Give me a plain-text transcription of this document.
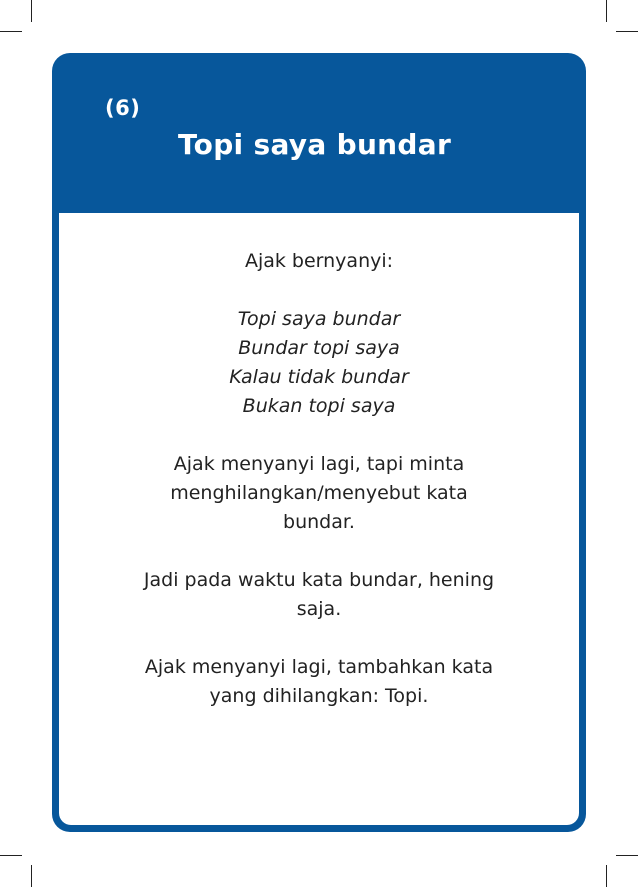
(6)
Topi saya bundar

Ajak bernyanyi:

Topi saya bundar
Bundar topi saya
Kalau tidak bundar
Bukan topi saya

Ajak menyanyi lagi, tapi minta
menghilangkan/menyebut kata
bundar.

Jadi pada waktu kata bundar, hening
saja.

Ajak menyanyi lagi, tambahkan kata
yang dihilangkan: Topi.
